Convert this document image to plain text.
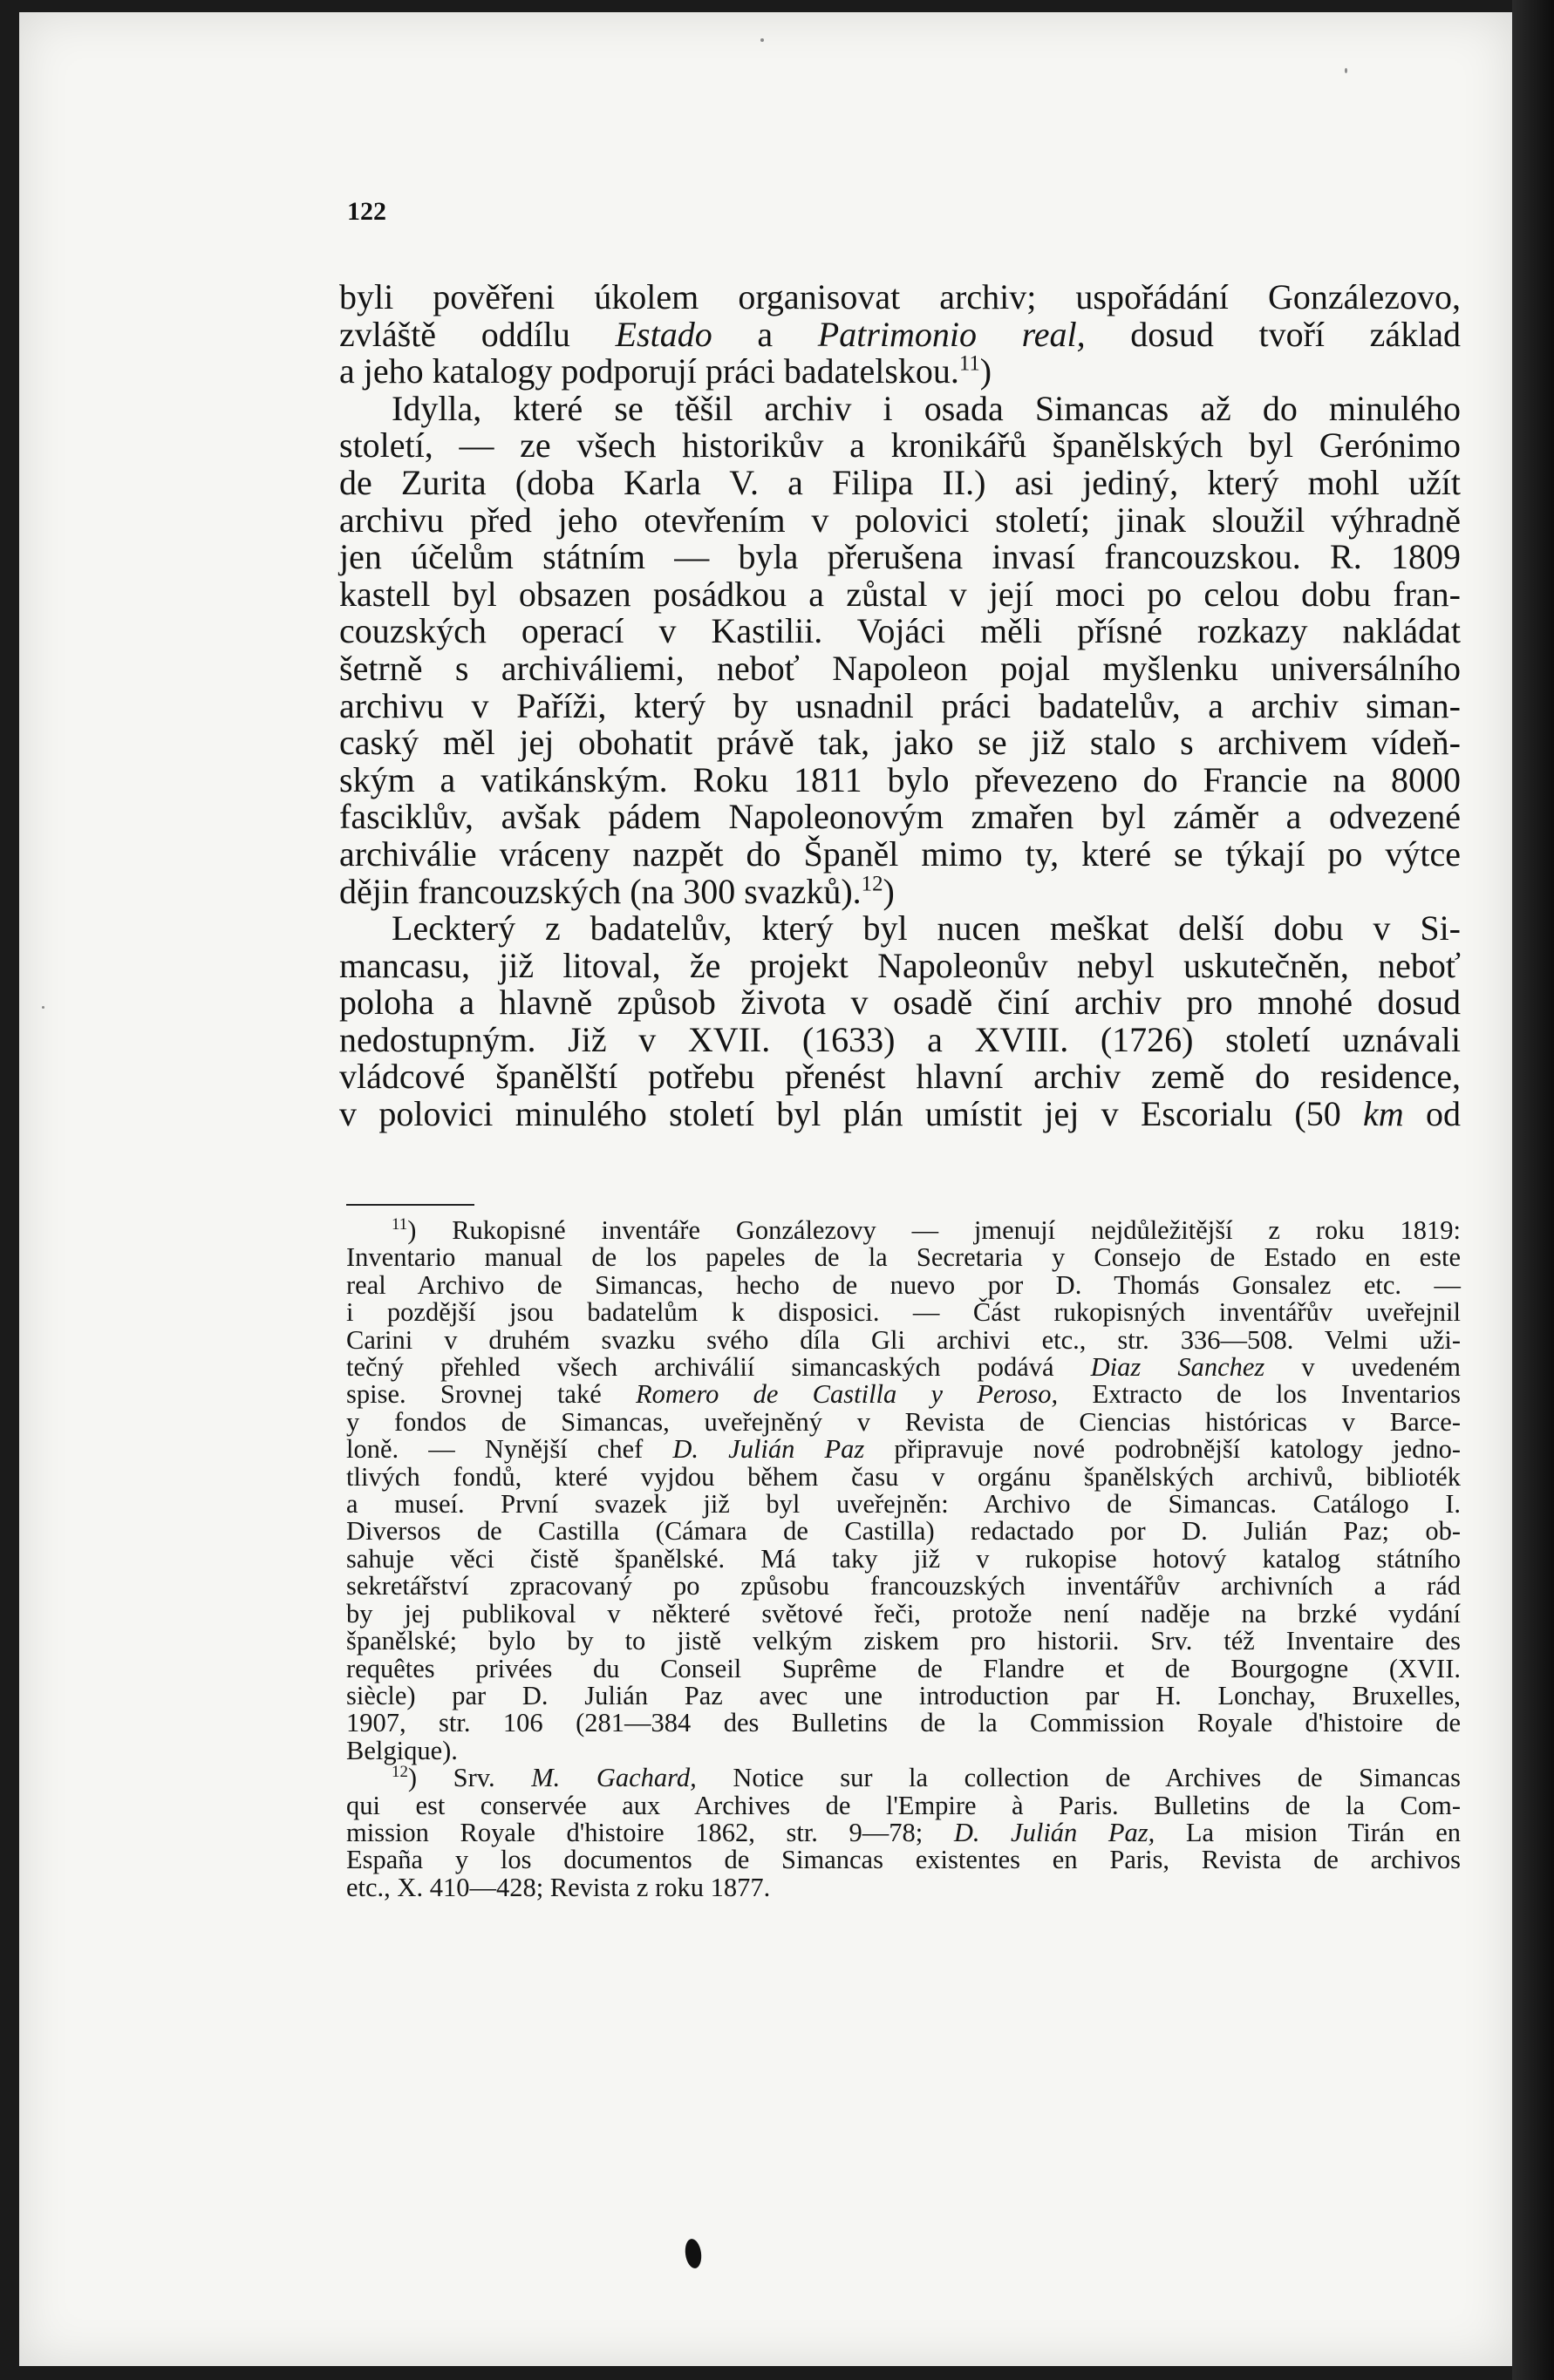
122
byli pověřeni úkolem organisovat archiv; uspořádání Gonzálezovo,
zvláště oddílu Estado a Patrimonio real, dosud tvoří základ
a jeho katalogy podporují práci badatelskou.$^{11}$)
Idylla, které se těšil archiv i osada Simancas až do minulého
století, — ze všech historikův a kronikářů španělských byl Gerónimo
de Zurita (doba Karla V. a Filipa II.) asi jediný, který mohl užít
archivu před jeho otevřením v polovici století; jinak sloužil výhradně
jen účelům státním — byla přerušena invasí francouzskou. R. 1809
kastell byl obsazen posádkou a zůstal v její moci po celou dobu fran-
couzských operací v Kastilii. Vojáci měli přísné rozkazy nakládat
šetrně s archiváliemi, neboť Napoleon pojal myšlenku universálního
archivu v Paříži, který by usnadnil práci badatelův, a archiv siman-
caský měl jej obohatit právě tak, jako se již stalo s archivem vídeň-
ským a vatikánským. Roku 1811 bylo převezeno do Francie na 8000
fasciklův, avšak pádem Napoleonovým zmařen byl záměr a odvezené
archiválie vráceny nazpět do Španěl mimo ty, které se týkají po výtce
dějin francouzských (na 300 svazků).$^{12}$)
Leckterý z badatelův, který byl nucen meškat delší dobu v Si-
mancasu, již litoval, že projekt Napoleonův nebyl uskutečněn, neboť
poloha a hlavně způsob života v osadě činí archiv pro mnohé dosud
nedostupným. Již v XVII. (1633) a XVIII. (1726) století uznávali
vládcové španělští potřebu přenést hlavní archiv země do residence,
v polovici minulého století byl plán umístit jej v Escorialu (50 km od
$^{11}$) Rukopisné inventáře Gonzálezovy — jmenují nejdůležitější z roku 1819:
Inventario manual de los papeles de la Secretaria y Consejo de Estado en este
real Archivo de Simancas, hecho de nuevo por D. Thomás Gonsalez etc. —
i pozdější jsou badatelům k disposici. — Část rukopisných inventářův uveřejnil
Carini v druhém svazku svého díla Gli archivi etc., str. 336—508. Velmi uži-
tečný přehled všech archiválií simancaských podává Diaz Sanchez v uvedeném
spise. Srovnej také Romero de Castilla y Peroso, Extracto de los Inventarios
y fondos de Simancas, uveřejněný v Revista de Ciencias históricas v Barce-
loně. — Nynější chef D. Julián Paz připravuje nové podrobnější katology jedno-
tlivých fondů, které vyjdou během času v orgánu španělských archivů, biblioték
a museí. První svazek již byl uveřejněn: Archivo de Simancas. Catálogo I.
Diversos de Castilla (Cámara de Castilla) redactado por D. Julián Paz; ob-
sahuje věci čistě španělské. Má taky již v rukopise hotový katalog státního
sekretářství zpracovaný po způsobu francouzských inventářův archivních a rád
by jej publikoval v některé světové řeči, protože není naděje na brzké vydání
španělské; bylo by to jistě velkým ziskem pro historii. Srv. též Inventaire des
requêtes privées du Conseil Suprême de Flandre et de Bourgogne (XVII.
siècle) par D. Julián Paz avec une introduction par H. Lonchay, Bruxelles,
1907, str. 106 (281—384 des Bulletins de la Commission Royale d'histoire de
Belgique).
$^{12}$) Srv. M. Gachard, Notice sur la collection de Archives de Simancas
qui est conservée aux Archives de l'Empire à Paris. Bulletins de la Com-
mission Royale d'histoire 1862, str. 9—78; D. Julián Paz, La mision Tirán en
España y los documentos de Simancas existentes en Paris, Revista de archivos
etc., X. 410—428; Revista z roku 1877.
